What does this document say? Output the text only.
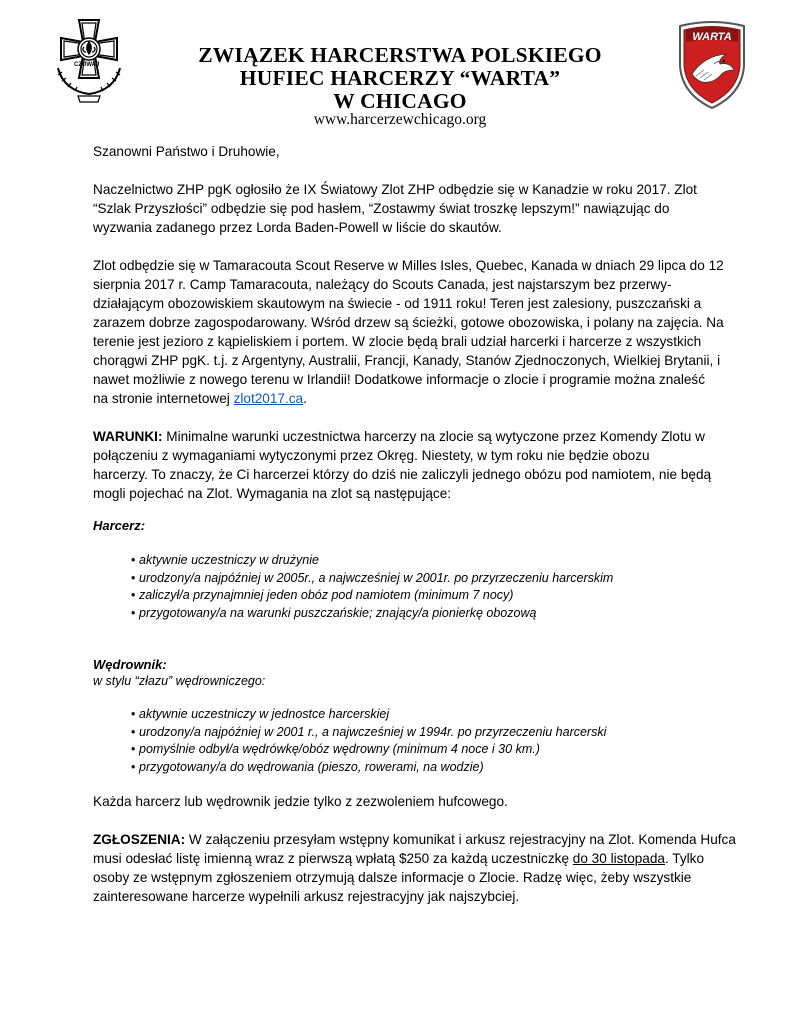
CZUWAJ	ZWIĄZEK HARCERSTWA POLSKIEGO
HUFIEC HARCERZY “WARTA”
W CHICAGO
www.harcerzewchicago.org
WARTA

Szanowni Państwo i Druhowie,

Naczelnictwo ZHP pgK ogłosiło że IX Światowy Zlot ZHP odbędzie się w Kanadzie w roku 2017. Zlot

“Szlak Przyszłości” odbędzie się pod hasłem, “Zostawmy świat troszkę lepszym!” nawiązując do

wyzwania zadanego przez Lorda Baden-Powell w liście do skautów.

Zlot odbędzie się w Tamaracouta Scout Reserve w Milles Isles, Quebec, Kanada w dniach 29 lipca do 12

sierpnia 2017 r. Camp Tamaracouta, należący do Scouts Canada, jest najstarszym bez przerwy-

działającym obozowiskiem skautowym na świecie - od 1911 roku! Teren jest zalesiony, puszczański a

zarazem dobrze zagospodarowany. Wśród drzew są ścieżki, gotowe obozowiska, i polany na zajęcia. Na

terenie jest jezioro z kąpieliskiem i portem. W zlocie będą brali udział harcerki i harcerze z wszystkich

chorągwi ZHP pgK. t.j. z Argentyny, Australii, Francji, Kanady, Stanów Zjednoczonych, Wielkiej Brytanii, i

nawet możliwie z nowego terenu w Irlandii! Dodatkowe informacje o zlocie i programie można znaleść

na stronie internetowej zlot2017.ca.

WARUNKI: Minimalne warunki uczestnictwa harcerzy na zlocie są wytyczone przez Komendy Zlotu w

połączeniu z wymaganiami wytyczonymi przez Okręg. Niestety, w tym roku nie będzie obozu

harcerzy. To znaczy, że Ci harcerzei którzy do dziś nie zaliczyli jednego obózu pod namiotem, nie będą

mogli pojechać na Zlot. Wymagania na zlot są następujące:

Harcerz:

• aktywnie uczestniczy w drużynie
• urodzony/a najpóźniej w 2005r., a najwcześniej w 2001r. po przyrzeczeniu harcerskim
• zaliczył/a przynajmniej jeden obóz pod namiotem (minimum 7 nocy)
• przygotowany/a na warunki puszczańskie; znający/a pionierkę obozową

Wędrownik:

w stylu “złazu” wędrowniczego:

• aktywnie uczestniczy w jednostce harcerskiej
• urodzony/a najpóźniej w 2001 r., a najwcześniej w 1994r. po przyrzeczeniu harcerski
• pomyślnie odbył/a wędrówkę/obóz wędrowny (minimum 4 noce i 30 km.)
• przygotowany/a do wędrowania (pieszo, rowerami, na wodzie)

Każda harcerz lub wędrownik jedzie tylko z zezwoleniem hufcowego.

ZGŁOSZENIA: W załączeniu przesyłam wstępny komunikat i arkusz rejestracyjny na Zlot. Komenda Hufca

musi odesłać listę imienną wraz z pierwszą wpłatą $250 za każdą uczestniczkę do 30 listopada. Tylko

osoby ze wstępnym zgłoszeniem otrzymują dalsze informacje o Zlocie. Radzę więc, żeby wszystkie

zainteresowane harcerze wypełnili arkusz rejestracyjny jak najszybciej.
